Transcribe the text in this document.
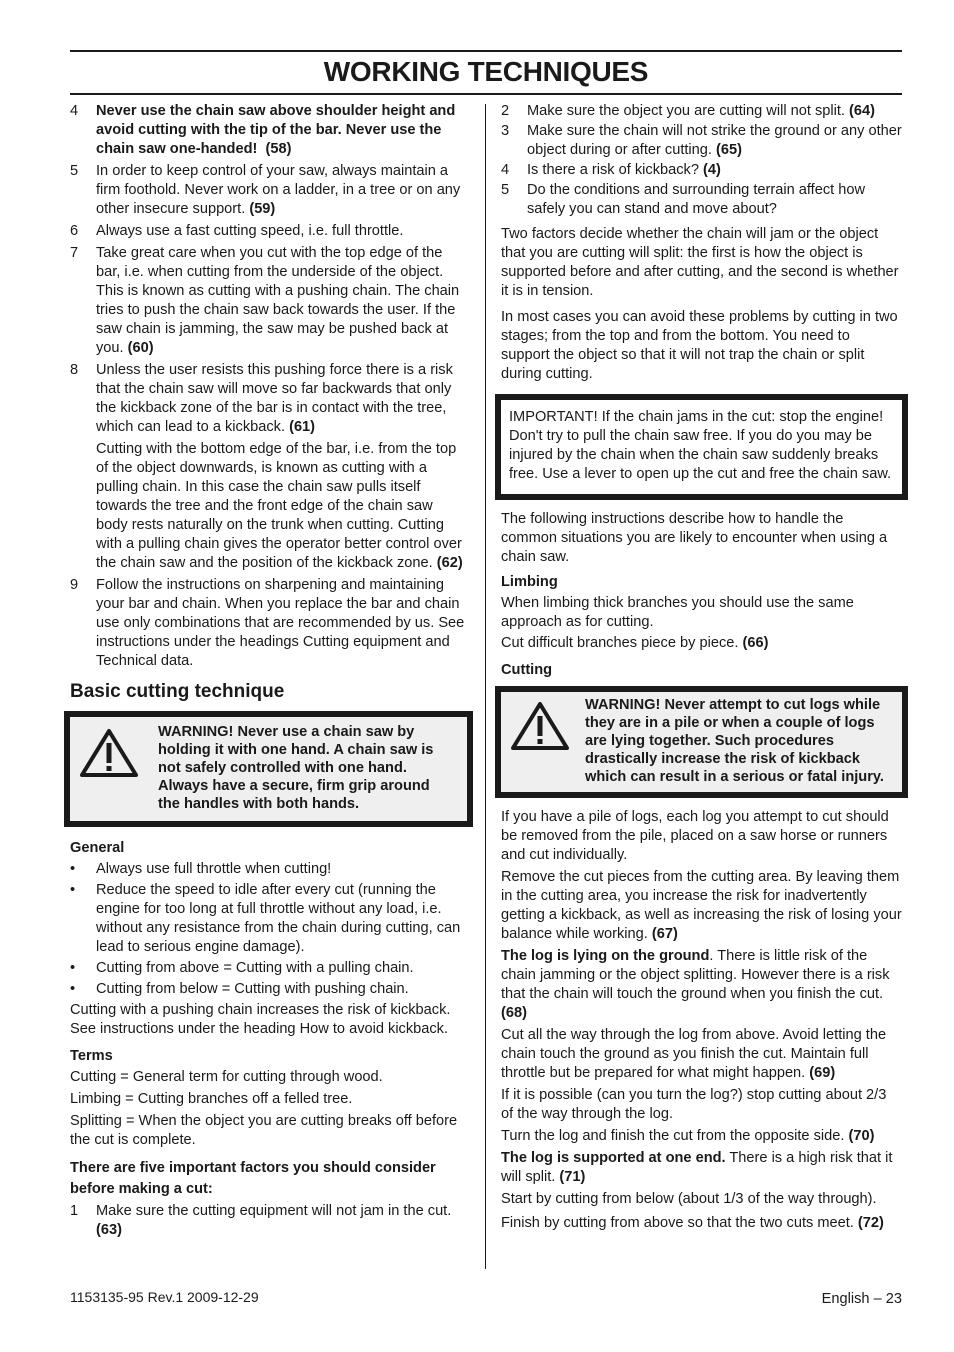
WORKING TECHNIQUES
4 Never use the chain saw above shoulder height and avoid cutting with the tip of the bar. Never use the chain saw one-handed! (58)
5 In order to keep control of your saw, always maintain a firm foothold. Never work on a ladder, in a tree or on any other insecure support. (59)
6 Always use a fast cutting speed, i.e. full throttle.
7 Take great care when you cut with the top edge of the bar, i.e. when cutting from the underside of the object. This is known as cutting with a pushing chain. The chain tries to push the chain saw back towards the user. If the saw chain is jamming, the saw may be pushed back at you. (60)
8 Unless the user resists this pushing force there is a risk that the chain saw will move so far backwards that only the kickback zone of the bar is in contact with the tree, which can lead to a kickback. (61)
Cutting with the bottom edge of the bar, i.e. from the top of the object downwards, is known as cutting with a pulling chain. In this case the chain saw pulls itself towards the tree and the front edge of the chain saw body rests naturally on the trunk when cutting. Cutting with a pulling chain gives the operator better control over the chain saw and the position of the kickback zone. (62)
9 Follow the instructions on sharpening and maintaining your bar and chain. When you replace the bar and chain use only combinations that are recommended by us. See instructions under the headings Cutting equipment and Technical data.
Basic cutting technique
WARNING! Never use a chain saw by holding it with one hand. A chain saw is not safely controlled with one hand. Always have a secure, firm grip around the handles with both hands.
General
• Always use full throttle when cutting!
• Reduce the speed to idle after every cut (running the engine for too long at full throttle without any load, i.e. without any resistance from the chain during cutting, can lead to serious engine damage).
• Cutting from above = Cutting with a pulling chain.
• Cutting from below = Cutting with pushing chain.

Cutting with a pushing chain increases the risk of kickback. See instructions under the heading How to avoid kickback.

Terms

Cutting = General term for cutting through wood.

Limbing = Cutting branches off a felled tree.

Splitting = When the object you are cutting breaks off before the cut is complete.

There are five important factors you should consider before making a cut:
1 Make sure the cutting equipment will not jam in the cut. (63)
2 Make sure the object you are cutting will not split. (64)
3 Make sure the chain will not strike the ground or any other object during or after cutting. (65)
4 Is there a risk of kickback? (4)
5 Do the conditions and surrounding terrain affect how safely you can stand and move about?

Two factors decide whether the chain will jam or the object that you are cutting will split: the first is how the object is supported before and after cutting, and the second is whether it is in tension.

In most cases you can avoid these problems by cutting in two stages; from the top and from the bottom. You need to support the object so that it will not trap the chain or split during cutting.

IMPORTANT! If the chain jams in the cut: stop the engine! Don't try to pull the chain saw free. If you do you may be injured by the chain when the chain saw suddenly breaks free. Use a lever to open up the cut and free the chain saw.

The following instructions describe how to handle the common situations you are likely to encounter when using a chain saw.

Limbing

When limbing thick branches you should use the same approach as for cutting.

Cut difficult branches piece by piece. (66)

Cutting
WARNING! Never attempt to cut logs while they are in a pile or when a couple of logs are lying together. Such procedures drastically increase the risk of kickback which can result in a serious or fatal injury.

If you have a pile of logs, each log you attempt to cut should be removed from the pile, placed on a saw horse or runners and cut individually.

Remove the cut pieces from the cutting area. By leaving them in the cutting area, you increase the risk for inadvertently getting a kickback, as well as increasing the risk of losing your balance while working. (67)

The log is lying on the ground. There is little risk of the chain jamming or the object splitting. However there is a risk that the chain will touch the ground when you finish the cut. (68)

Cut all the way through the log from above. Avoid letting the chain touch the ground as you finish the cut. Maintain full throttle but be prepared for what might happen. (69)

If it is possible (can you turn the log?) stop cutting about 2/3 of the way through the log.

Turn the log and finish the cut from the opposite side. (70)

The log is supported at one end. There is a high risk that it will split. (71)

Start by cutting from below (about 1/3 of the way through).

Finish by cutting from above so that the two cuts meet. (72)

1153135-95 Rev.1 2009-12-29	English – 23
